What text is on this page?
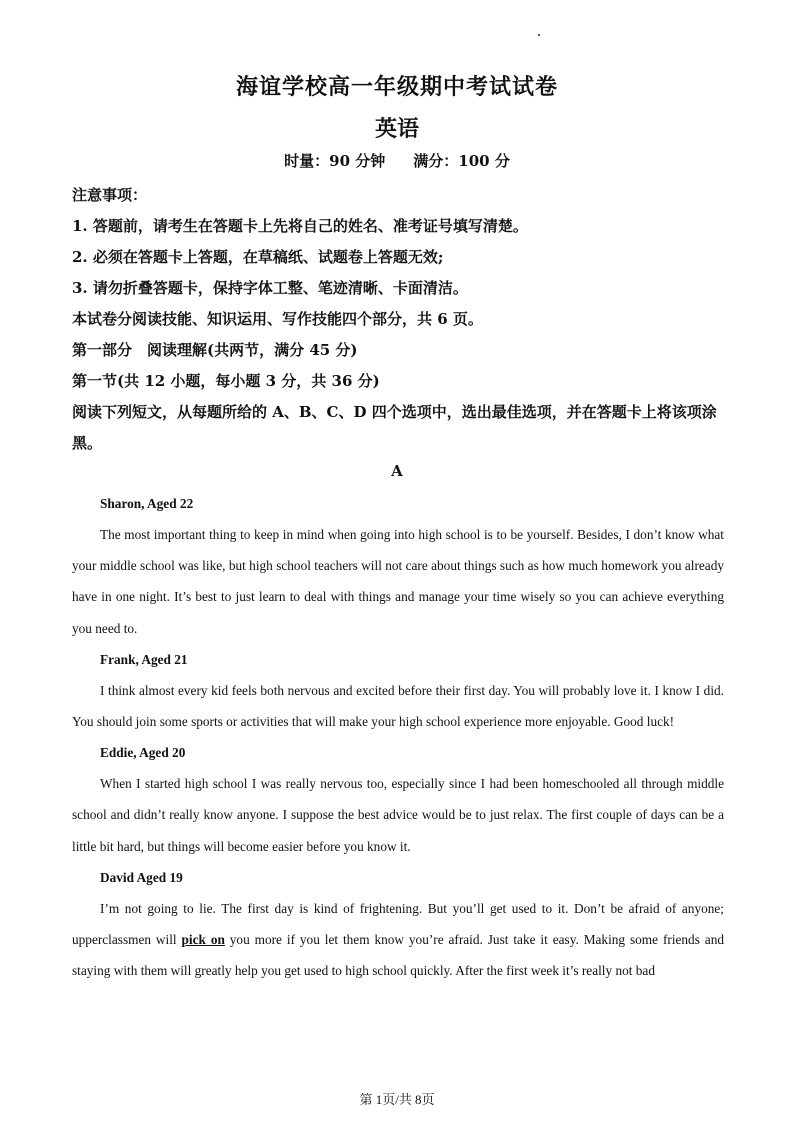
海谊学校高一年级期中考试试卷
英语
时量：90 分钟 满分：100 分
注意事项：
1. 答题前，请考生在答题卡上先将自己的姓名、准考证号填写清楚。
2. 必须在答题卡上答题，在草稿纸、试题卷上答题无效;
3. 请勿折叠答题卡，保持字体工整、笔迹清晰、卡面清洁。
本试卷分阅读技能、知识运用、写作技能四个部分，共 6 页。
第一部分　阅读理解(共两节，满分 45 分)
第一节(共 12 小题，每小题 3 分，共 36 分)
阅读下列短文，从每题所给的 A、B、C、D 四个选项中，选出最佳选项，并在答题卡上将该项涂黑。
A
Sharon, Aged 22
The most important thing to keep in mind when going into high school is to be yourself. Besides, I don’t know what your middle school was like, but high school teachers will not care about things such as how much homework you already have in one night. It’s best to just learn to deal with things and manage your time wisely so you can achieve everything you need to.
Frank, Aged 21
I think almost every kid feels both nervous and excited before their first day. You will probably love it. I know I did. You should join some sports or activities that will make your high school experience more enjoyable. Good luck!
Eddie, Aged 20
When I started high school I was really nervous too, especially since I had been homeschooled all through middle school and didn’t really know anyone. I suppose the best advice would be to just relax. The first couple of days can be a little bit hard, but things will become easier before you know it.
David Aged 19
I’m not going to lie. The first day is kind of frightening. But you’ll get used to it. Don’t be afraid of anyone; upperclassmen will pick on you more if you let them know you’re afraid. Just take it easy. Making some friends and staying with them will greatly help you get used to high school quickly. After the first week it’s really not bad
第 1页/共 8页
